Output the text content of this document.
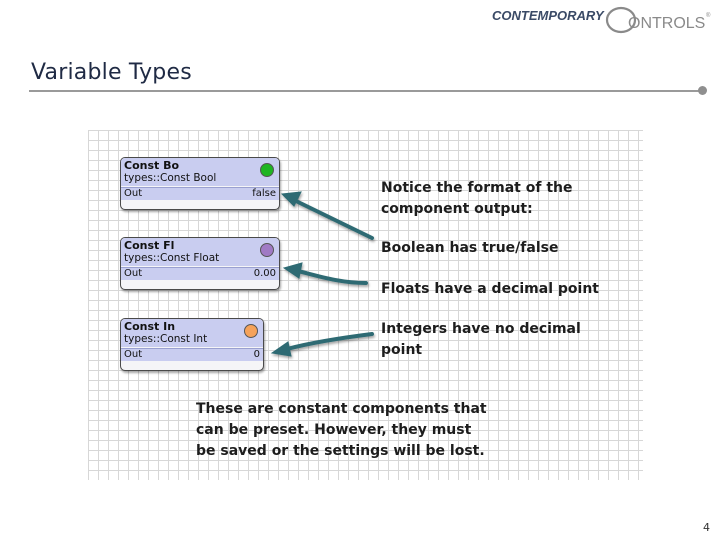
CONTEMPORARY ONTROLS ®
Variable Types
Const Bo
types::Const Bool
Out	false
Const Fl
types::Const Float
Out	0.00
Const In
types::Const Int
Out	0
Notice the format of the
component output:
Boolean has true/false
Floats have a decimal point
Integers have no decimal
point
These are constant components that
can be preset. However, they must
be saved or the settings will be lost.
4
